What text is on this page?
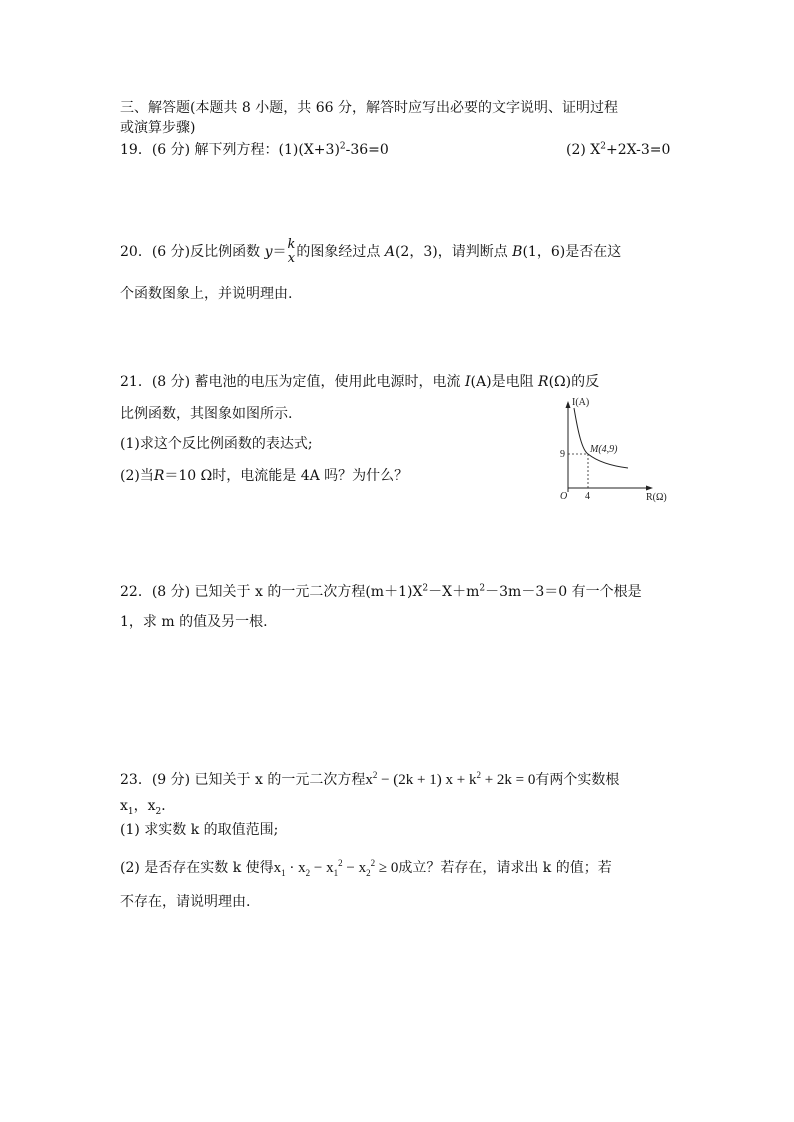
三、解答题(本题共 8 小题，共 66 分，解答时应写出必要的文字说明、证明过程
或演算步骤)
19．(6 分) 解下列方程：$(1)(X+3)^2-36=0$	(2) $X^2+2X-3=0$
20．(6 分)反比例函数 y＝ k
x 的图象经过点 A(2，3)，请判断点 B(1，6)是否在这
个函数图象上，并说明理由.
21．(8 分) 蓄电池的电压为定值，使用此电源时，电流 I(A)是电阻 R(Ω)的反
比例函数，其图象如图所示.
(1)求这个反比例函数的表达式;
(2)当R＝10 Ω时，电流能是 4A 吗？为什么？
I(A)
R(Ω)
O
9
4
M(4,9)
22．(8 分) 已知关于 x 的一元二次方程$(m+1)X^2-X+m^2-3m-3=0$ 有一个根是
1，求 m 的值及另一根.
23．(9 分) 已知关于 x 的一元二次方程$x^2 - (2k + 1) x + k^2 + 2k = 0$有两个实数根
$x_1$，$x_2$．
(1) 求实数 k 的取值范围;
(2) 是否存在实数 k 使得$x_1 \cdot x_2 - x_1^2 - x_2^2 \ge 0$成立？若存在，请求出 k 的值；若
不存在，请说明理由.
